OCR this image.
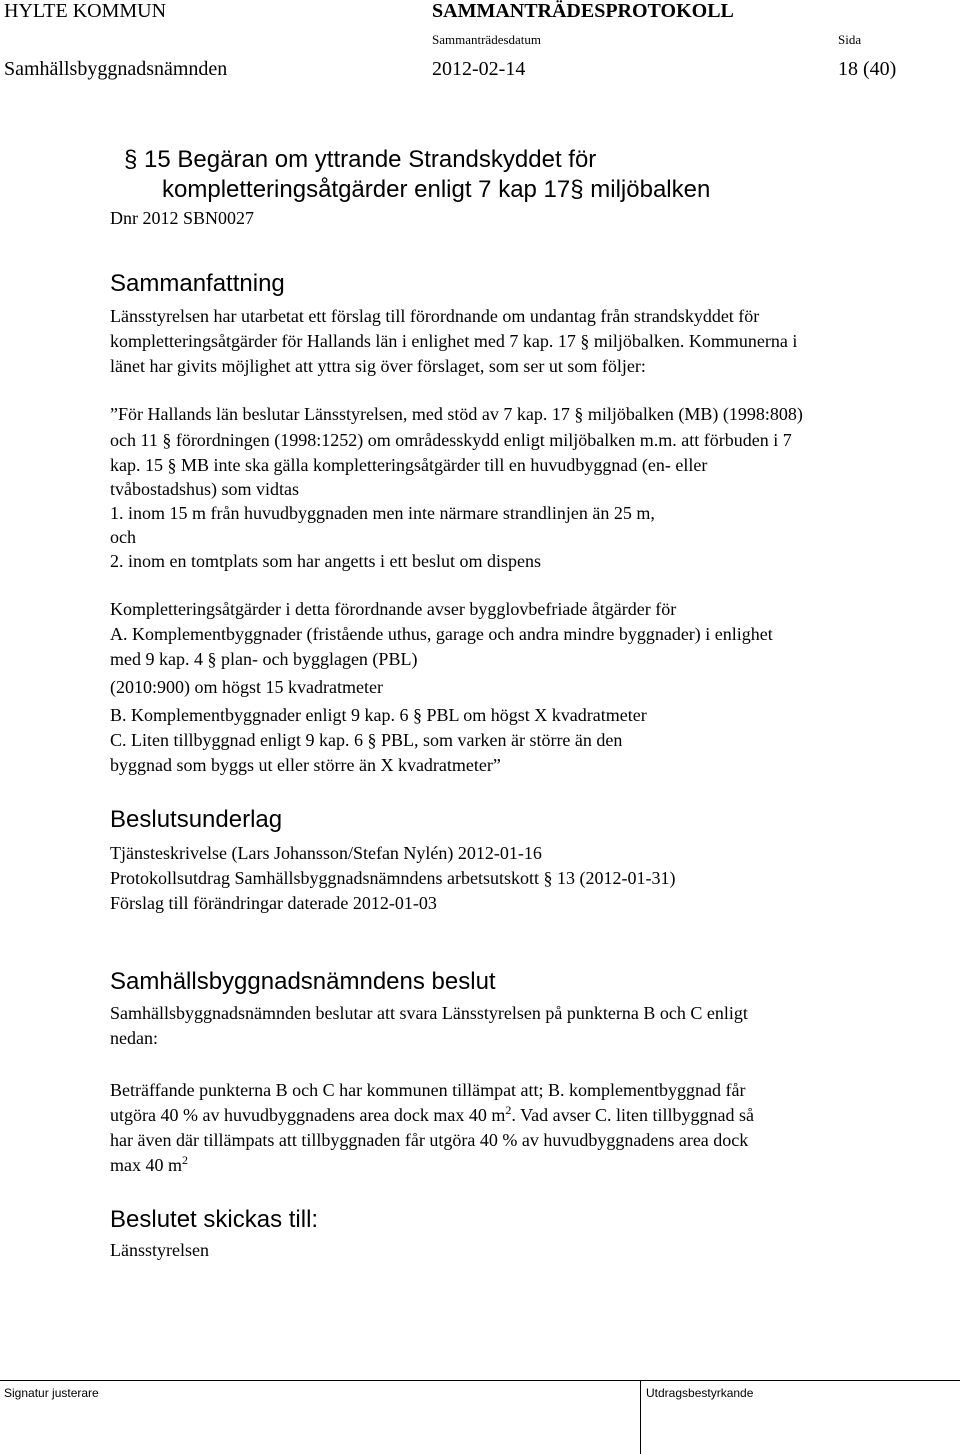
HYLTE KOMMUN	SAMMANTRÄDESPROTOKOLL
Sammanträdesdatum	Sida
Samhällsbyggnadsnämnden	2012-02-14	18 (40)
§ 15 Begäran om yttrande Strandskyddet för
kompletteringsåtgärder enligt 7 kap 17§ miljöbalken
Dnr 2012 SBN0027
Sammanfattning
Länsstyrelsen har utarbetat ett förslag till förordnande om undantag från strandskyddet för
kompletteringsåtgärder för Hallands län i enlighet med 7 kap. 17 § miljöbalken. Kommunerna i
länet har givits möjlighet att yttra sig över förslaget, som ser ut som följer:
”För Hallands län beslutar Länsstyrelsen, med stöd av 7 kap. 17 § miljöbalken (MB) (1998:808)
och 11 § förordningen (1998:1252) om områdesskydd enligt miljöbalken m.m. att förbuden i 7
kap. 15 § MB inte ska gälla kompletteringsåtgärder till en huvudbyggnad (en- eller
tvåbostadshus) som vidtas
1. inom 15 m från huvudbyggnaden men inte närmare strandlinjen än 25 m,
och
2. inom en tomtplats som har angetts i ett beslut om dispens
Kompletteringsåtgärder i detta förordnande avser bygglovbefriade åtgärder för
A. Komplementbyggnader (fristående uthus, garage och andra mindre byggnader) i enlighet
med 9 kap. 4 § plan- och bygglagen (PBL)
(2010:900) om högst 15 kvadratmeter
B. Komplementbyggnader enligt 9 kap. 6 § PBL om högst X kvadratmeter
C. Liten tillbyggnad enligt 9 kap. 6 § PBL, som varken är större än den
byggnad som byggs ut eller större än X kvadratmeter”
Beslutsunderlag
Tjänsteskrivelse (Lars Johansson/Stefan Nylén) 2012-01-16
Protokollsutdrag Samhällsbyggnadsnämndens arbetsutskott § 13 (2012-01-31)
Förslag till förändringar daterade 2012-01-03
Samhällsbyggnadsnämndens beslut
Samhällsbyggnadsnämnden beslutar att svara Länsstyrelsen på punkterna B och C enligt
nedan:
Beträffande punkterna B och C har kommunen tillämpat att; B. komplementbyggnad får
utgöra 40 % av huvudbyggnadens area dock max 40 $m^2$. Vad avser C. liten tillbyggnad så
har även där tillämpats att tillbyggnaden får utgöra 40 % av huvudbyggnadens area dock
max 40 $m^2$
Beslutet skickas till:
Länsstyrelsen
Signatur justerare	Utdragsbestyrkande
